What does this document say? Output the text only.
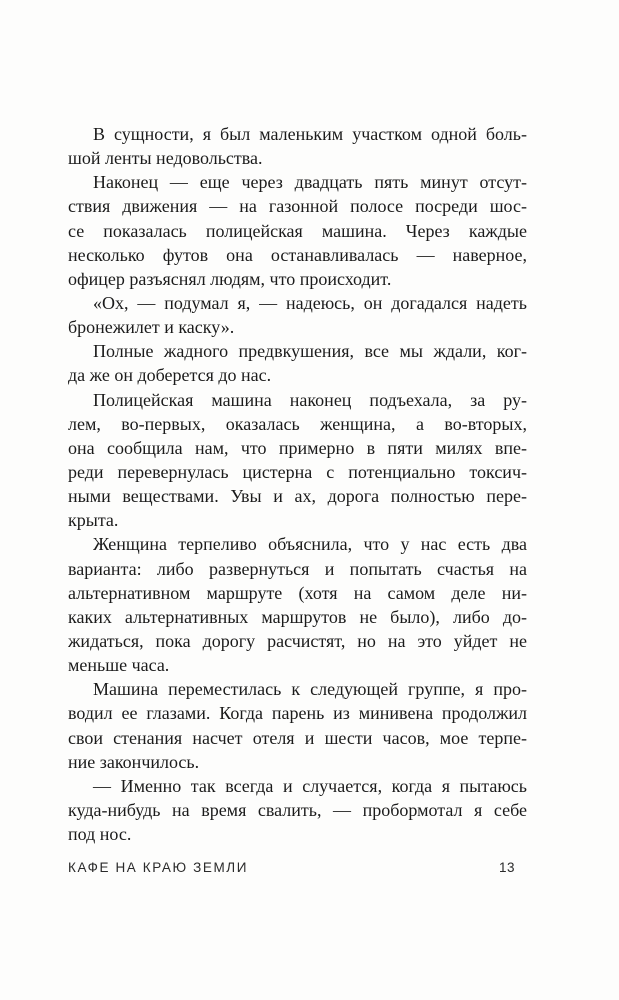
В сущности, я был маленьким участком одной боль-
шой ленты недовольства.
Наконец — еще через двадцать пять минут отсут-
ствия движения — на газонной полосе посреди шос-
се показалась полицейская машина. Через каждые
несколько футов она останавливалась — наверное,
офицер разъяснял людям, что происходит.
«Ох, — подумал я, — надеюсь, он догадался надеть
бронежилет и каску».
Полные жадного предвкушения, все мы ждали, ког-
да же он доберется до нас.
Полицейская машина наконец подъехала, за ру-
лем, во-первых, оказалась женщина, а во-вторых,
она сообщила нам, что примерно в пяти милях впе-
реди перевернулась цистерна с потенциально токсич-
ными веществами. Увы и ах, дорога полностью пере-
крыта.
Женщина терпеливо объяснила, что у нас есть два
варианта: либо развернуться и попытать счастья на
альтернативном маршруте (хотя на самом деле ни-
каких альтернативных маршрутов не было), либо до-
жидаться, пока дорогу расчистят, но на это уйдет не
меньше часа.
Машина переместилась к следующей группе, я про-
водил ее глазами. Когда парень из минивена продолжил
свои стенания насчет отеля и шести часов, мое терпе-
ние закончилось.
— Именно так всегда и случается, когда я пытаюсь
куда-нибудь на время свалить, — пробормотал я себе
под нос.
КАФЕ НА КРАЮ ЗЕМЛИ	13
